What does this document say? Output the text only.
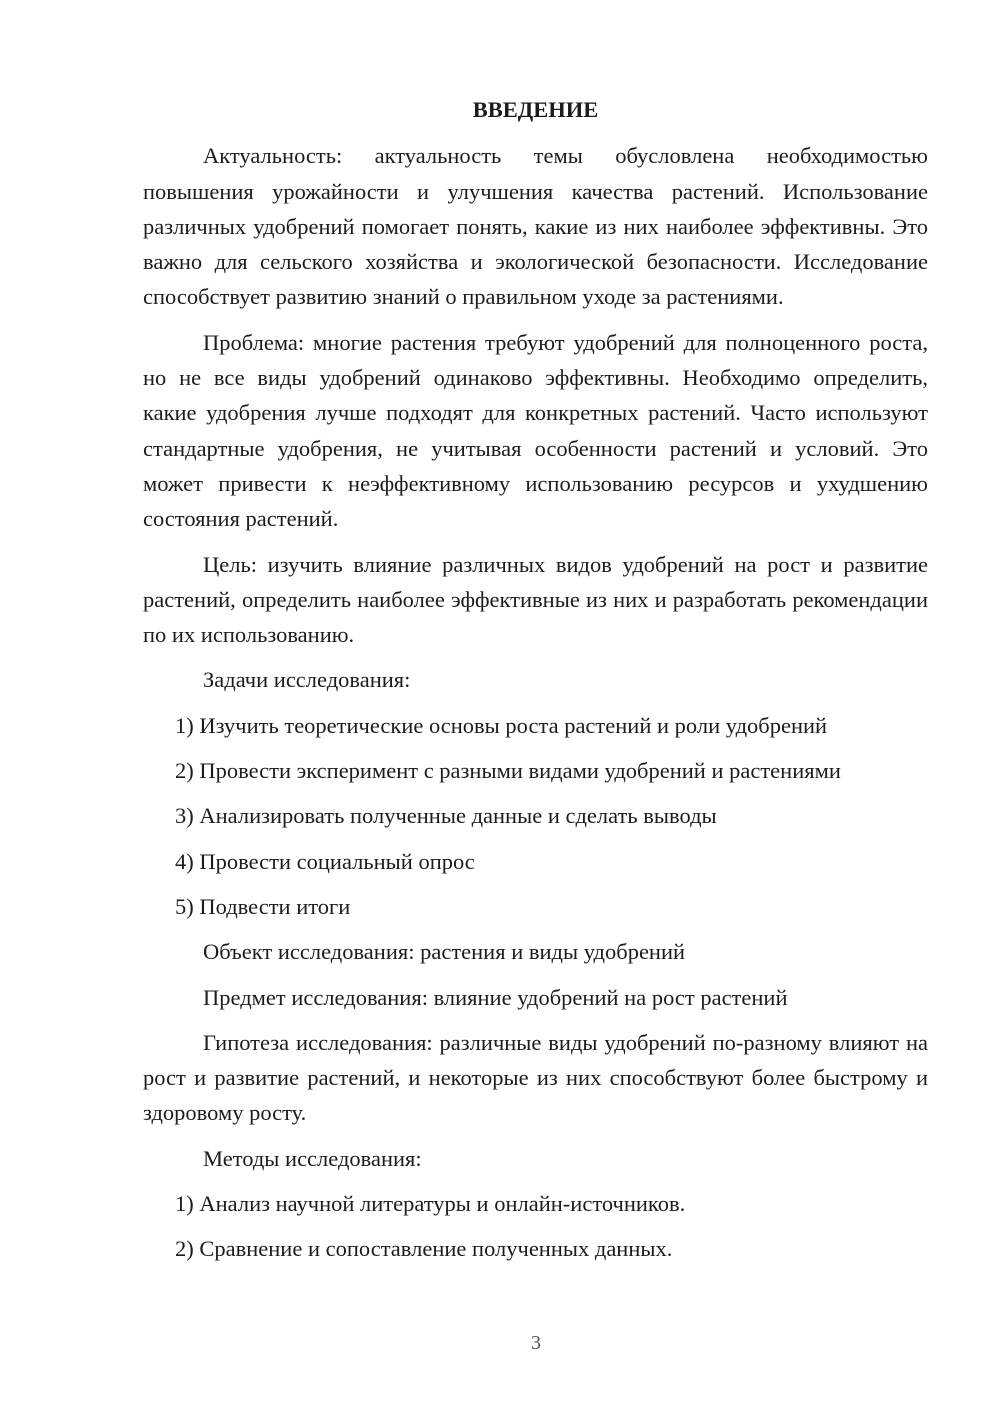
ВВЕДЕНИЕ

Актуальность: актуальность темы обусловлена необходимостью повышения урожайности и улучшения качества растений. Использование различных удобрений помогает понять, какие из них наиболее эффективны. Это важно для сельского хозяйства и экологической безопасности. Исследование способствует развитию знаний о правильном уходе за растениями.

Проблема: многие растения требуют удобрений для полноценного роста, но не все виды удобрений одинаково эффективны. Необходимо определить, какие удобрения лучше подходят для конкретных растений. Часто используют стандартные удобрения, не учитывая особенности растений и условий. Это может привести к неэффективному использованию ресурсов и ухудшению состояния растений.

Цель: изучить влияние различных видов удобрений на рост и развитие растений, определить наиболее эффективные из них и разработать рекомендации по их использованию.

Задачи исследования:

1) Изучить теоретические основы роста растений и роли удобрений

2) Провести эксперимент с разными видами удобрений и растениями

3) Анализировать полученные данные и сделать выводы

4) Провести социальный опрос

5) Подвести итоги

Объект исследования: растения и виды удобрений

Предмет исследования: влияние удобрений на рост растений

Гипотеза исследования: различные виды удобрений по-разному влияют на рост и развитие растений, и некоторые из них способствуют более быстрому и здоровому росту.

Методы исследования:

1) Анализ научной литературы и онлайн-источников.

2) Сравнение и сопоставление полученных данных.

3
